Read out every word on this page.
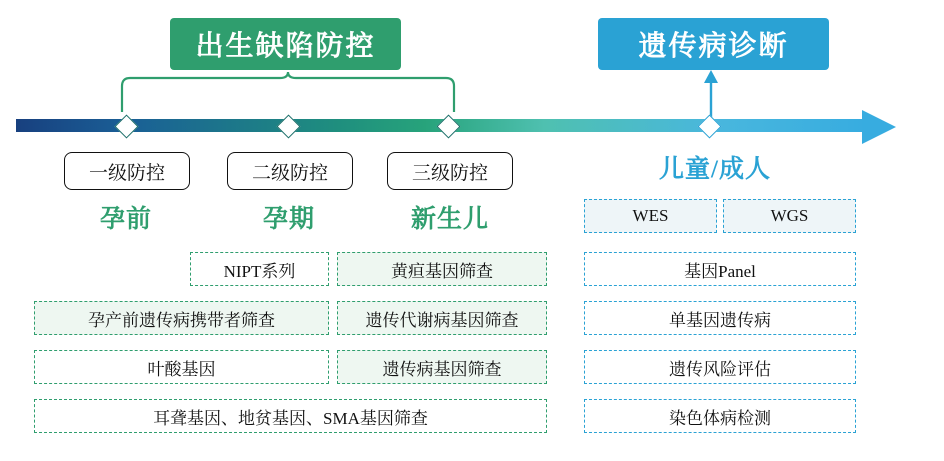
出生缺陷防控	遗传病诊断
一级防控	二级防控	三级防控
孕前	孕期	新生儿
儿童/成人
NIPT系列	黄疸基因筛查
孕产前遗传病携带者筛查	遗传代谢病基因筛查
叶酸基因	遗传病基因筛查
耳聋基因、地贫基因、SMA基因筛查
WES	WGS
基因Panel
单基因遗传病
遗传风险评估
染色体病检测
